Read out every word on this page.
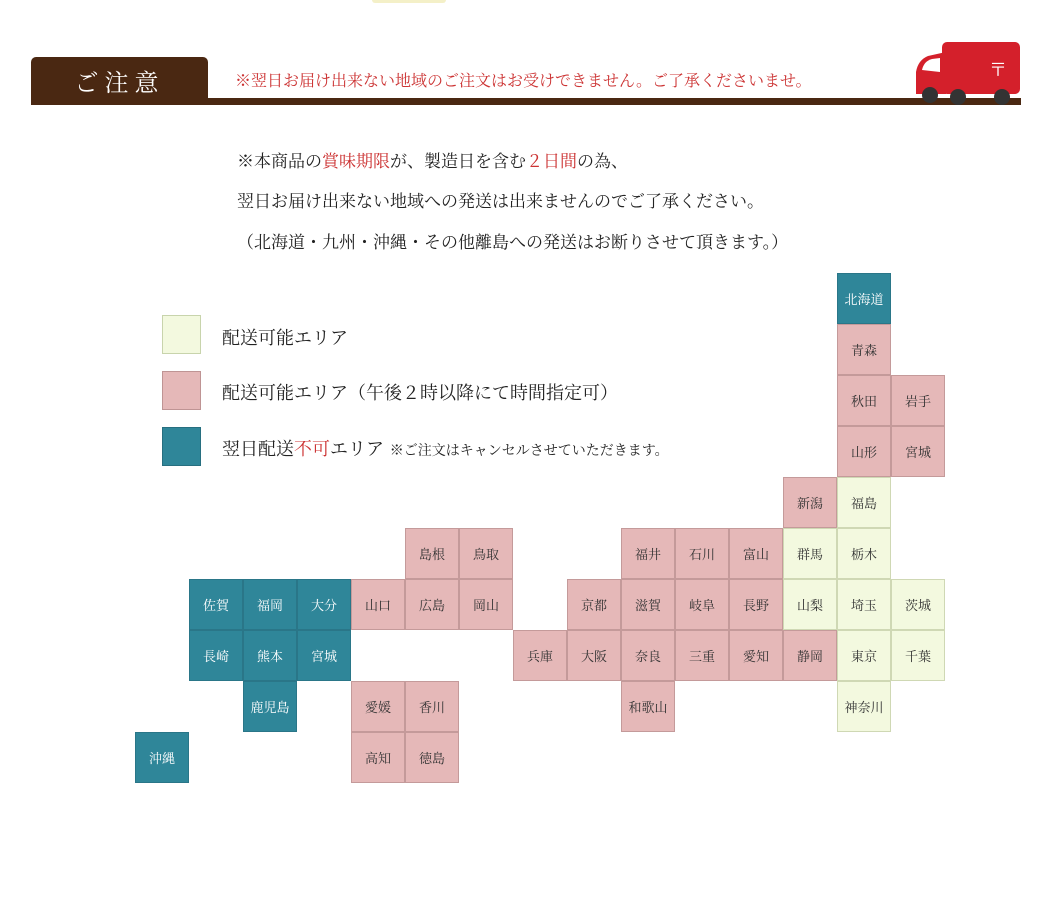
ご注意	※翌日お届け出来ない地域のご注文はお受けできません。ご了承くださいませ。	〒
※本商品の賞味期限が、製造日を含む２日間の為、
翌日お届け出来ない地域への発送は出来ませんのでご了承ください。
（北海道・九州・沖縄・その他離島への発送はお断りさせて頂きます。）
配送可能エリア
配送可能エリア（午後２時以降にて時間指定可）
翌日配送不可エリア ※ご注文はキャンセルさせていただきます。
北海道
青森
秋田	岩手
山形	宮城
新潟	福島
島根	鳥取	福井	石川	富山	群馬	栃木
佐賀	福岡	大分	山口	広島	岡山	京都	滋賀	岐阜	長野	山梨	埼玉	茨城
長崎	熊本	宮城	兵庫	大阪	奈良	三重	愛知	静岡	東京	千葉
鹿児島	愛媛	香川	和歌山	神奈川
沖縄	高知	徳島
